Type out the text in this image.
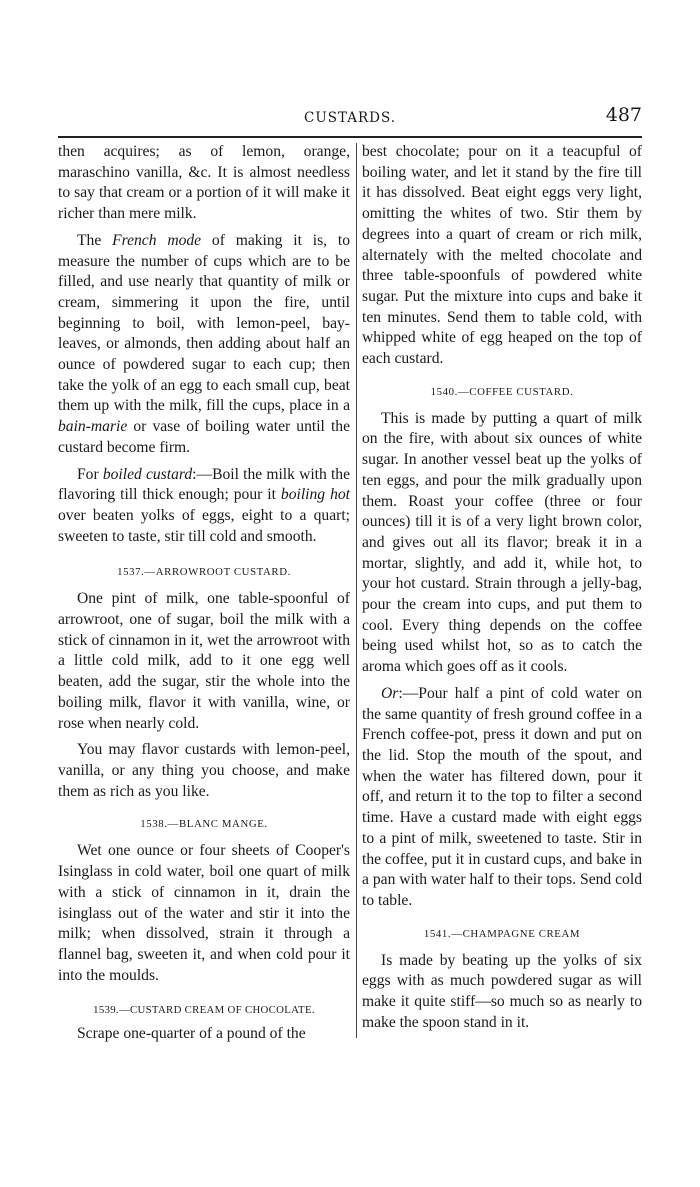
CUSTARDS.	487

then acquires; as of lemon, orange, maraschino vanilla, &c. It is almost needless to say that cream or a portion of it will make it richer than mere milk.

The French mode of making it is, to measure the number of cups which are to be filled, and use nearly that quantity of milk or cream, simmering it upon the fire, until beginning to boil, with lemon-peel, bay-leaves, or almonds, then adding about half an ounce of powdered sugar to each cup; then take the yolk of an egg to each small cup, beat them up with the milk, fill the cups, place in a bain-marie or vase of boiling water until the custard become firm.

For boiled custard:—Boil the milk with the flavoring till thick enough; pour it boiling hot over beaten yolks of eggs, eight to a quart; sweeten to taste, stir till cold and smooth.

1537.—ARROWROOT CUSTARD.

One pint of milk, one table-spoonful of arrowroot, one of sugar, boil the milk with a stick of cinnamon in it, wet the arrowroot with a little cold milk, add to it one egg well beaten, add the sugar, stir the whole into the boiling milk, flavor it with vanilla, wine, or rose when nearly cold.

You may flavor custards with lemon-peel, vanilla, or any thing you choose, and make them as rich as you like.

1538.—BLANC MANGE.

Wet one ounce or four sheets of Cooper's Isinglass in cold water, boil one quart of milk with a stick of cinnamon in it, drain the isinglass out of the water and stir it into the milk; when dissolved, strain it through a flannel bag, sweeten it, and when cold pour it into the moulds.

1539.—CUSTARD CREAM OF CHOCOLATE.

Scrape one-quarter of a pound of the

best chocolate; pour on it a teacupful of boiling water, and let it stand by the fire till it has dissolved. Beat eight eggs very light, omitting the whites of two. Stir them by degrees into a quart of cream or rich milk, alternately with the melted chocolate and three table-spoonfuls of powdered white sugar. Put the mixture into cups and bake it ten minutes. Send them to table cold, with whipped white of egg heaped on the top of each custard.

1540.—COFFEE CUSTARD.

This is made by putting a quart of milk on the fire, with about six ounces of white sugar. In another vessel beat up the yolks of ten eggs, and pour the milk gradually upon them. Roast your coffee (three or four ounces) till it is of a very light brown color, and gives out all its flavor; break it in a mortar, slightly, and add it, while hot, to your hot custard. Strain through a jelly-bag, pour the cream into cups, and put them to cool. Every thing depends on the coffee being used whilst hot, so as to catch the aroma which goes off as it cools.

Or:—Pour half a pint of cold water on the same quantity of fresh ground coffee in a French coffee-pot, press it down and put on the lid. Stop the mouth of the spout, and when the water has filtered down, pour it off, and return it to the top to filter a second time. Have a custard made with eight eggs to a pint of milk, sweetened to taste. Stir in the coffee, put it in custard cups, and bake in a pan with water half to their tops. Send cold to table.

1541.—CHAMPAGNE CREAM

Is made by beating up the yolks of six eggs with as much powdered sugar as will make it quite stiff—so much so as nearly to make the spoon stand in it.
